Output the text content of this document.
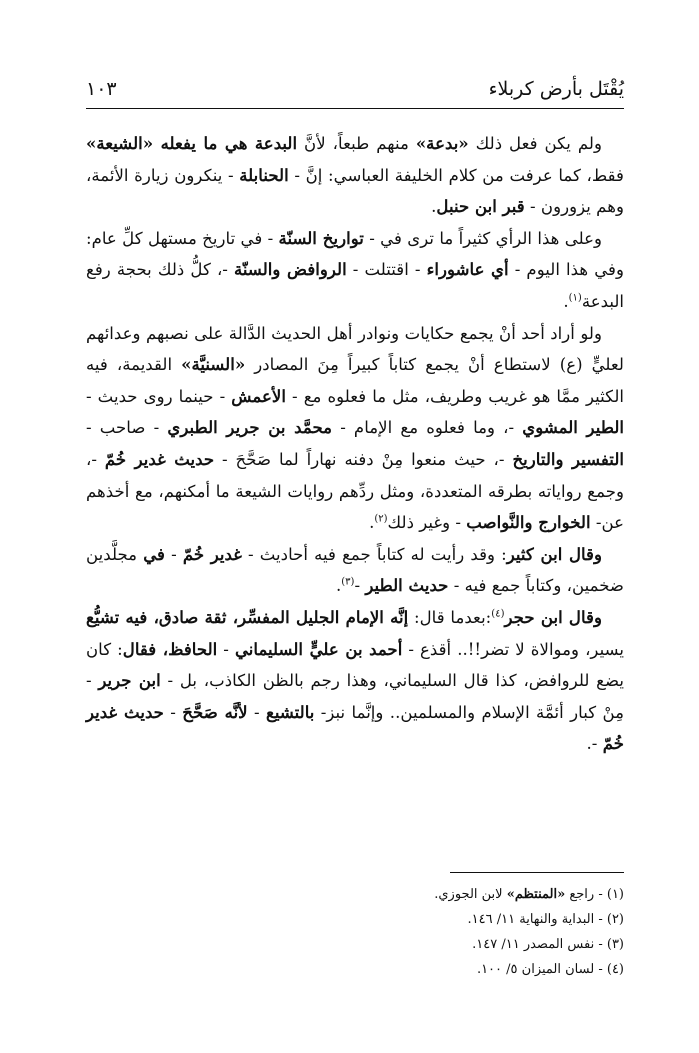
يُقْتَل بأرض كربلاء
١٠٣

ولم يكن فعل ذلك «بدعة» منهم طبعاً، لأنَّ البدعة هي ما يفعله «الشيعة» فقط، كما عرفت من كلام الخليفة العباسي: إنَّ - الحنابلة - ينكرون زيارة الأئمة، وهم يزورون - قبر ابن حنبل.

وعلى هذا الرأي كثيراً ما ترى في - تواريخ السنّة - في تاريخ مستهل كلِّ عام: وفي هذا اليوم - أي عاشوراء - اقتتلت - الروافض والسنّة -، كلُّ ذلك بحجة رفع البدعة$^{(١)}$.

ولو أراد أحد أنْ يجمع حكايات ونوادر أهل الحديث الدَّالة على نصبهم وعدائهم لعليٍّ (ع) لاستطاع أنْ يجمع كتاباً كبيراً مِنَ المصادر «السنيَّة» القديمة، فيه الكثير ممَّا هو غريب وطريف، مثل ما فعلوه مع - الأعمش - حينما روى حديث - الطير المشوي -، وما فعلوه مع الإمام - محمَّد بن جرير الطبري - صاحب - التفسير والتاريخ -، حيث منعوا مِنْ دفنه نهاراً لما صَحَّحَ - حديث غدير خُمّ -، وجمع رواياته بطرقه المتعددة، ومثل ردِّهم روايات الشيعة ما أمكنهم، مع أخذهم عن- الخوارج والنَّواصب - وغير ذلك$^{(٢)}$.

وقال ابن كثير: وقد رأيت له كتاباً جمع فيه أحاديث - غدير خُمّ - في مجلَّدين ضخمين، وكتاباً جمع فيه - حديث الطير -$^{(٣)}$.

وقال ابن حجر$^{(٤)}$:بعدما قال: إنَّه الإمام الجليل المفسِّر، ثقة صادق، فيه تشيُّع يسير، وموالاة لا تضر!!.. أقذع - أحمد بن عليٍّ السليماني - الحافظ، فقال: كان يضع للروافض، كذا قال السليماني، وهذا رجم بالظن الكاذب، بل - ابن جرير - مِنْ كبار أئمَّة الإسلام والمسلمين.. وإنَّما نبز- بالتشيع - لأنَّه صَحَّحَ - حديث غدير خُمّ -.

(١) - راجع «المنتظم» لابن الجوزي.
(٢) - البداية والنهاية ١١/ ١٤٦.
(٣) - نفس المصدر ١١/ ١٤٧.
(٤) - لسان الميزان ٥/ ١٠٠.
